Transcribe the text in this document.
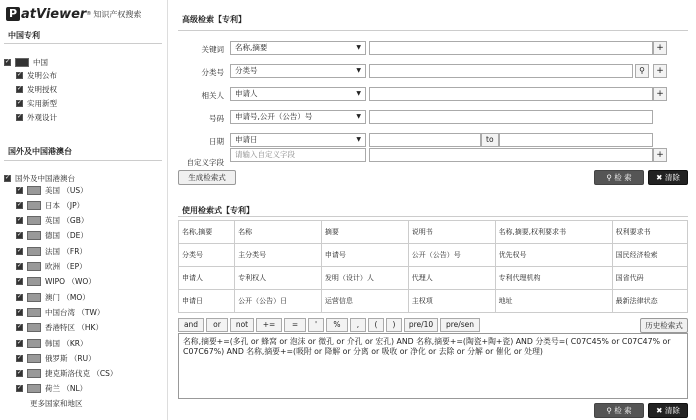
P atViewer ® 知识产权搜索
中国专利
✓
中国
✓
发明公布
✓
发明授权
✓
实用新型
✓
外观设计
国外及中国港澳台
✓
国外及中国港澳台
✓
美国 （US）
✓
日本 （JP）
✓
英国 （GB）
✓
德国 （DE）
✓
法国 （FR）
✓
欧洲 （EP）
✓
WIPO （WO）
✓
澳门 （MO）
✓
中国台湾 （TW）
✓
香港特区 （HK）
✓
韩国 （KR）
✓
俄罗斯 （RU）
✓
捷克斯洛伐克 （CS）
✓
荷兰 （NL）
更多国家和地区
高级检索【专利】
关键词	名称,摘要	▼	+
分类号	分类号	▼	⚲	+
相关人	申请人	▼	+
号码	申请号,公开（公告）号	▼
日期	申请日	▼	to
自定义字段
请输入自定义字段	+
生成检索式	⚲ 检 索	✖ 清除
使用检索式【专利】
名称,摘要	名称	摘要	说明书	名称,摘要,权利要求书	权利要求书
分类号	主分类号	申请号	公开（公告）号	优先权号	国民经济检索
申请人	专利权人	发明（设计）人	代理人	专利代理机构	国省代码
申请日	公开（公告）日	运营信息	主权项	地址	最新法律状态
and	or	not	+=	=	'	%	,	(	)	pre/10	pre/sen	历史检索式
名称,摘要+=(多孔 or 蜂窝 or 泡沫 or 微孔 or 介孔 or 宏孔) AND 名称,摘要+=(陶瓷+陶+瓷) AND 分类号=( C07C45% or C07C47% or C07C67%) AND 名称,摘要+=(吸附 or 降解 or 分离 or 吸收 or 净化 or 去除 or 分解 or 催化 or 处理)
⚲ 检 索	✖ 清除
